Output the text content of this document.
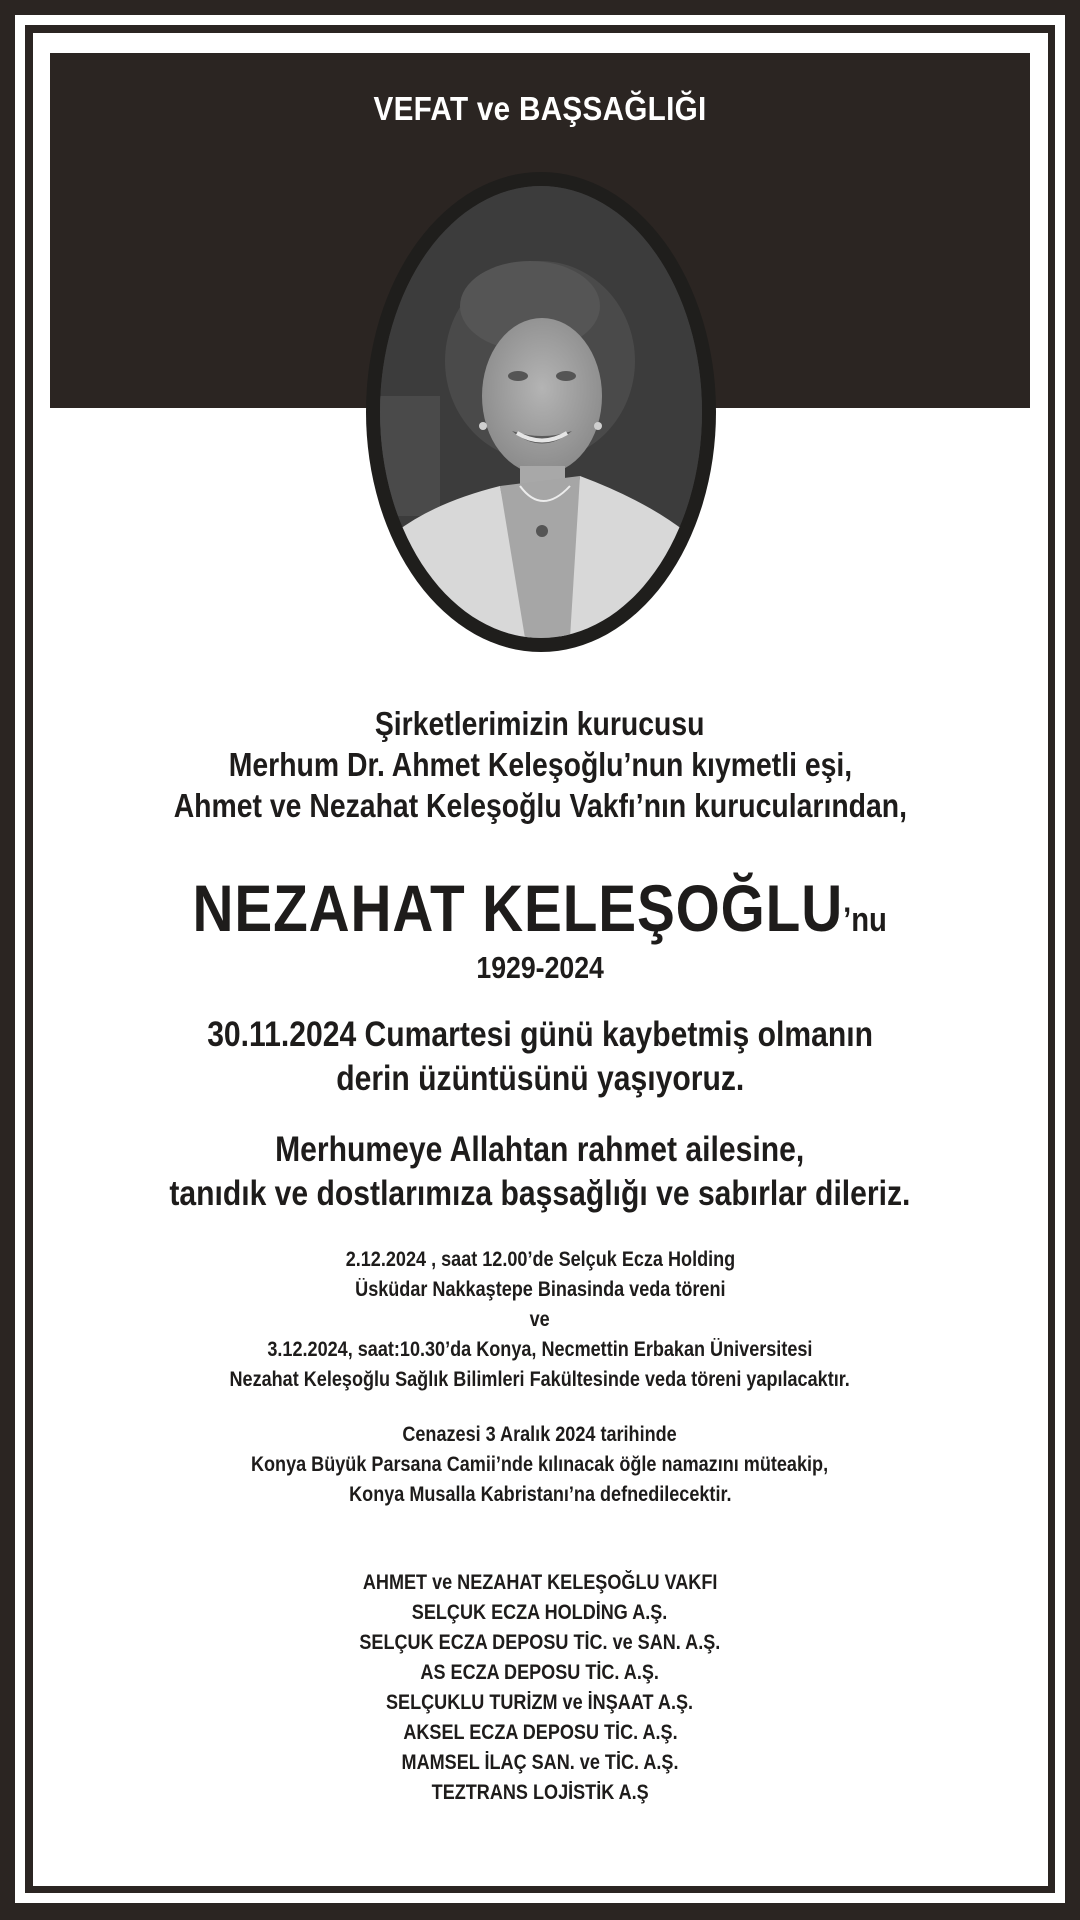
VEFAT ve BAŞSAĞLIĞI
Şirketlerimizin kurucusu
Merhum Dr. Ahmet Keleşoğlu’nun kıymetli eşi,
Ahmet ve Nezahat Keleşoğlu Vakfı’nın kurucularından,
NEZAHAT KELEŞOĞLU’nu
1929-2024
30.11.2024 Cumartesi günü kaybetmiş olmanın
derin üzüntüsünü yaşıyoruz.
Merhumeye Allahtan rahmet ailesine,
tanıdık ve dostlarımıza başsağlığı ve sabırlar dileriz.
2.12.2024 , saat 12.00’de Selçuk Ecza Holding
Üsküdar Nakkaştepe Binasinda veda töreni
ve
3.12.2024, saat:10.30’da Konya, Necmettin Erbakan Üniversitesi
Nezahat Keleşoğlu Sağlık Bilimleri Fakültesinde veda töreni yapılacaktır.
Cenazesi 3 Aralık 2024 tarihinde
Konya Büyük Parsana Camii’nde kılınacak öğle namazını müteakip,
Konya Musalla Kabristanı’na defnedilecektir.
AHMET ve NEZAHAT KELEŞOĞLU VAKFI
SELÇUK ECZA HOLDİNG A.Ş.
SELÇUK ECZA DEPOSU TİC. ve SAN. A.Ş.
AS ECZA DEPOSU TİC. A.Ş.
SELÇUKLU TURİZM ve İNŞAAT A.Ş.
AKSEL ECZA DEPOSU TİC. A.Ş.
MAMSEL İLAÇ SAN. ve TİC. A.Ş.
TEZTRANS LOJİSTİK A.Ş
